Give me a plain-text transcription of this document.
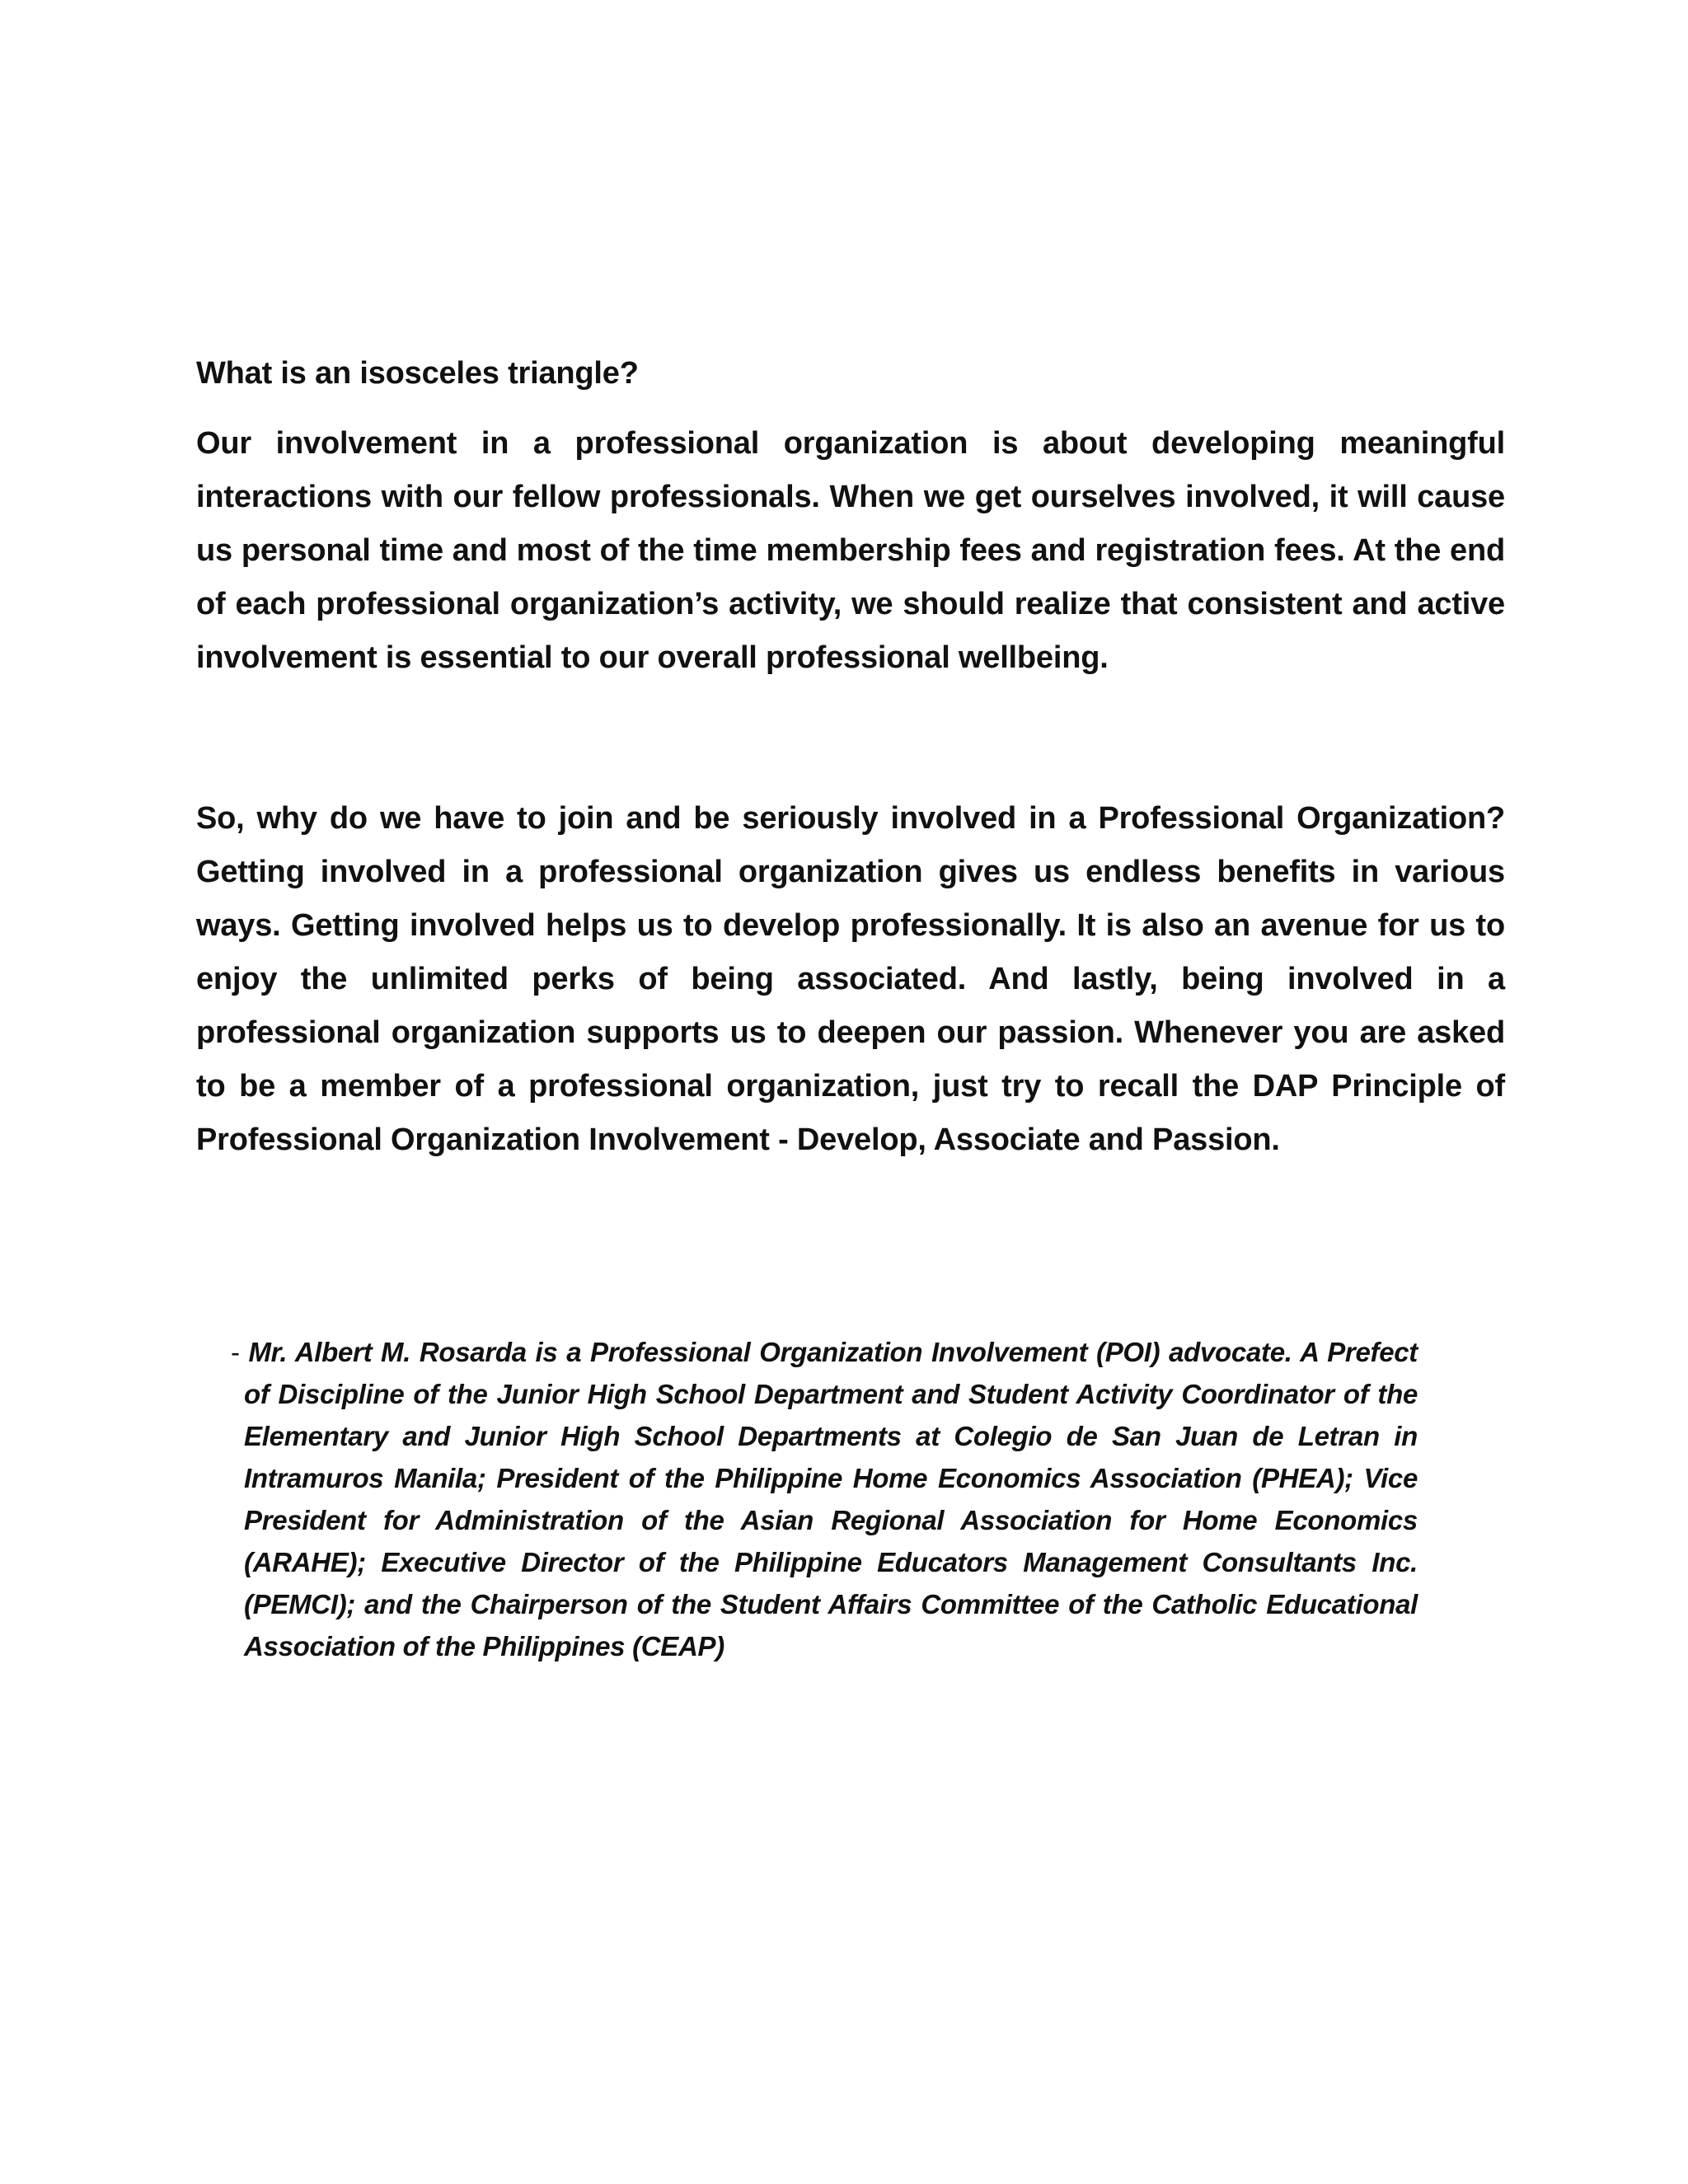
What is an isosceles triangle?

Our involvement in a professional organization is about developing meaningful interactions with our fellow professionals. When we get ourselves involved, it will cause us personal time and most of the time membership fees and registration fees. At the end of each professional organization’s activity, we should realize that consistent and active involvement is essential to our overall professional wellbeing.

So, why do we have to join and be seriously involved in a Professional Organization? Getting involved in a professional organization gives us endless benefits in various ways. Getting involved helps us to develop professionally. It is also an avenue for us to enjoy the unlimited perks of being associated. And lastly, being involved in a professional organization supports us to deepen our passion. Whenever you are asked to be a member of a professional organization, just try to recall the DAP Principle of Professional Organization Involvement - Develop, Associate and Passion.

- Mr. Albert M. Rosarda is a Professional Organization Involvement (POI) advocate. A Prefect of Discipline of the Junior High School Department and Student Activity Coordinator of the Elementary and Junior High School Departments at Colegio de San Juan de Letran in Intramuros Manila; President of the Philippine Home Economics Association (PHEA); Vice President for Administration of the Asian Regional Association for Home Economics (ARAHE); Executive Director of the Philippine Educators Management Consultants Inc. (PEMCI); and the Chairperson of the Student Affairs Committee of the Catholic Educational Association of the Philippines (CEAP)
